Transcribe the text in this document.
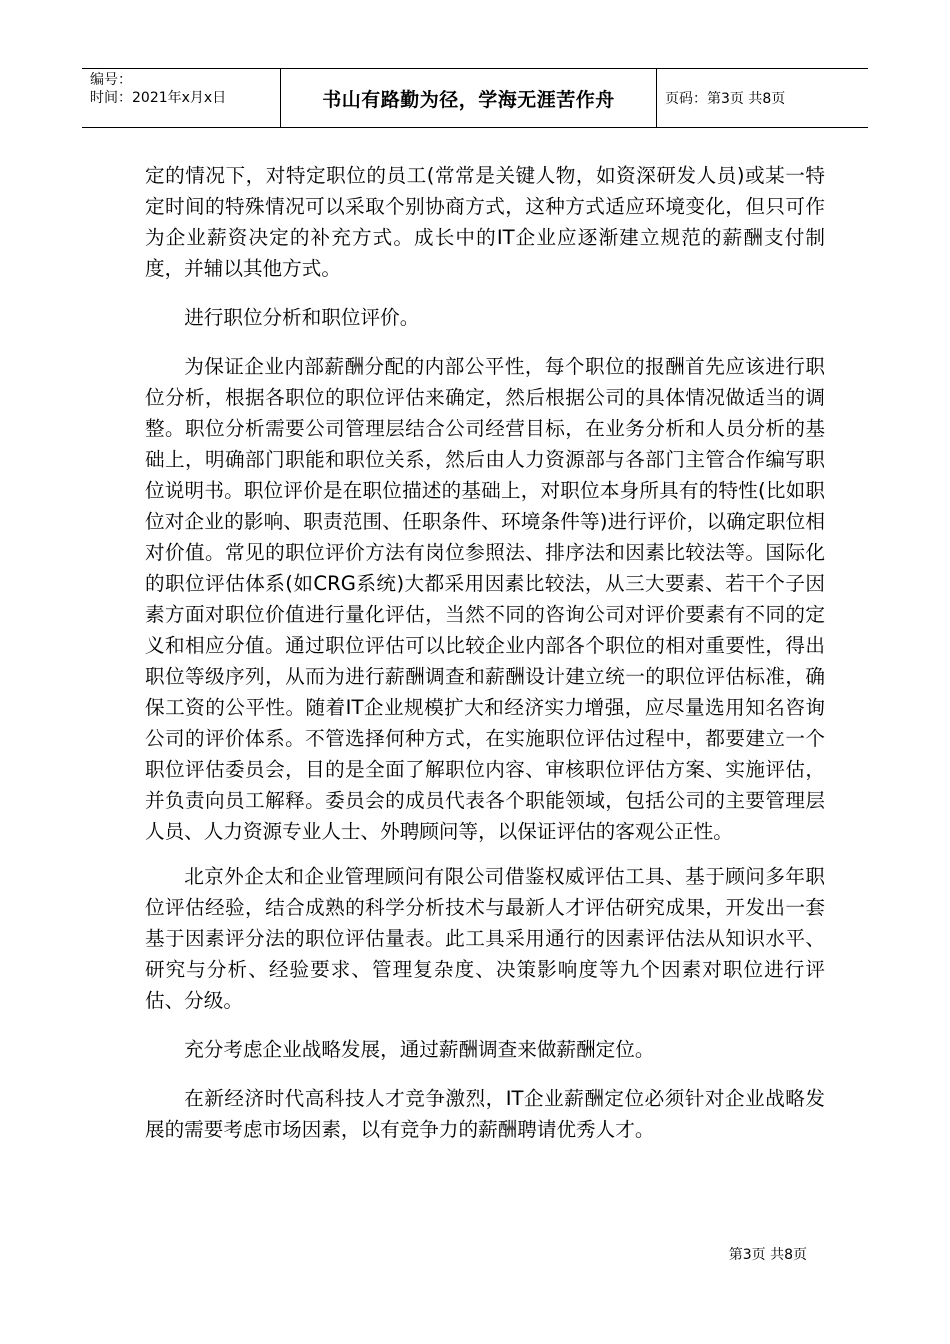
编号：
时间：2021年x月x日	书山有路勤为径，学海无涯苦作舟	页码：第3页 共8页

定的情况下，对特定职位的员工(常常是关键人物，如资深研发人员)或某一特定时间的特殊情况可以采取个别协商方式，这种方式适应环境变化，但只可作为企业薪资决定的补充方式。成长中的IT企业应逐渐建立规范的薪酬支付制度，并辅以其他方式。

进行职位分析和职位评价。

为保证企业内部薪酬分配的内部公平性，每个职位的报酬首先应该进行职位分析，根据各职位的职位评估来确定，然后根据公司的具体情况做适当的调整。职位分析需要公司管理层结合公司经营目标，在业务分析和人员分析的基础上，明确部门职能和职位关系，然后由人力资源部与各部门主管合作编写职位说明书。职位评价是在职位描述的基础上，对职位本身所具有的特性(比如职位对企业的影响、职责范围、任职条件、环境条件等)进行评价，以确定职位相对价值。常见的职位评价方法有岗位参照法、排序法和因素比较法等。国际化的职位评估体系(如CRG系统)大都采用因素比较法，从三大要素、若干个子因素方面对职位价值进行量化评估，当然不同的咨询公司对评价要素有不同的定义和相应分值。通过职位评估可以比较企业内部各个职位的相对重要性，得出职位等级序列，从而为进行薪酬调查和薪酬设计建立统一的职位评估标准，确保工资的公平性。随着IT企业规模扩大和经济实力增强，应尽量选用知名咨询公司的评价体系。不管选择何种方式，在实施职位评估过程中，都要建立一个职位评估委员会，目的是全面了解职位内容、审核职位评估方案、实施评估，并负责向员工解释。委员会的成员代表各个职能领域，包括公司的主要管理层人员、人力资源专业人士、外聘顾问等，以保证评估的客观公正性。

北京外企太和企业管理顾问有限公司借鉴权威评估工具、基于顾问多年职位评估经验，结合成熟的科学分析技术与最新人才评估研究成果，开发出一套基于因素评分法的职位评估量表。此工具采用通行的因素评估法从知识水平、研究与分析、经验要求、管理复杂度、决策影响度等九个因素对职位进行评估、分级。

充分考虑企业战略发展，通过薪酬调查来做薪酬定位。

在新经济时代高科技人才竞争激烈，IT企业薪酬定位必须针对企业战略发展的需要考虑市场因素，以有竞争力的薪酬聘请优秀人才。

第3页 共8页
